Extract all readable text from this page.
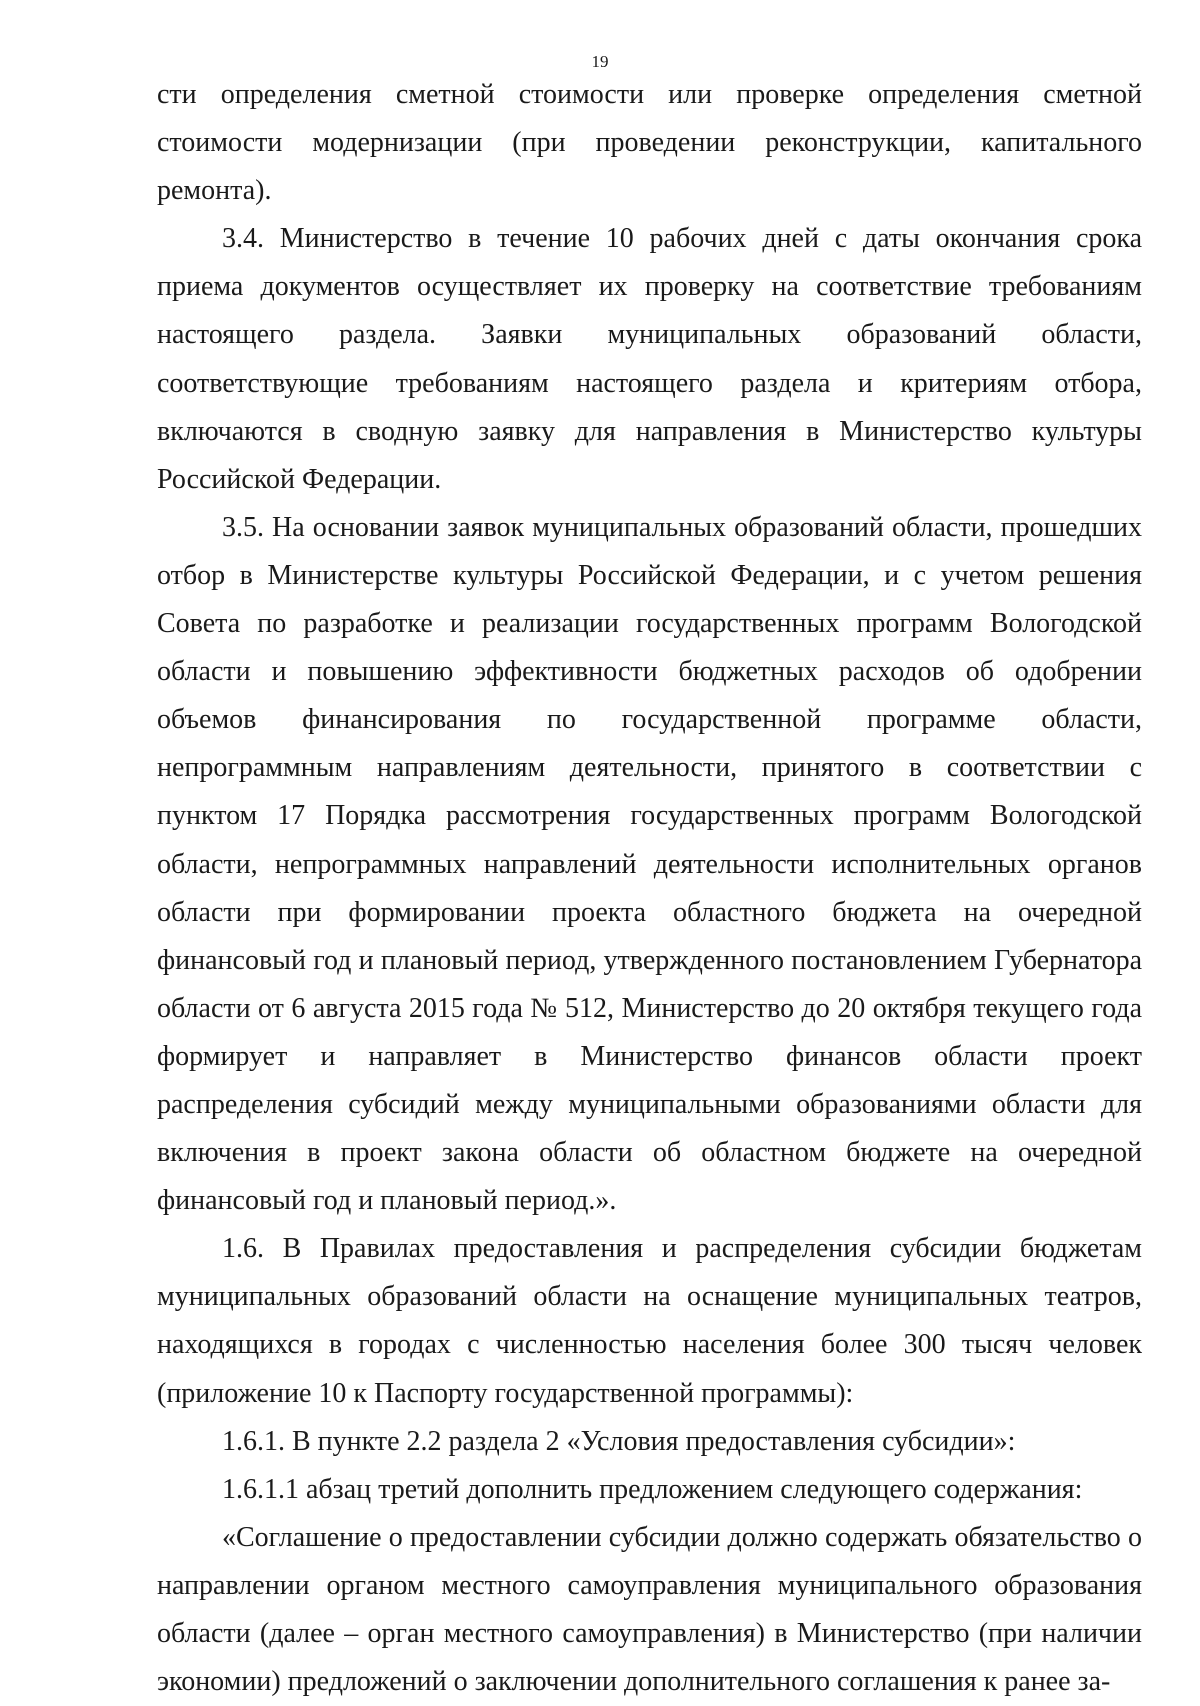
19

сти определения сметной стоимости или проверке определения сметной стоимости модернизации (при проведении реконструкции, капитального ремонта).

3.4. Министерство в течение 10 рабочих дней с даты окончания срока приема документов осуществляет их проверку на соответствие требованиям настоящего раздела. Заявки муниципальных образований области, соответствующие требованиям настоящего раздела и критериям отбора, включаются в сводную заявку для направления в Министерство культуры Российской Федерации.

3.5. На основании заявок муниципальных образований области, прошедших отбор в Министерстве культуры Российской Федерации, и с учетом решения Совета по разработке и реализации государственных программ Вологодской области и повышению эффективности бюджетных расходов об одобрении объемов финансирования по государственной программе области, непрограммным направлениям деятельности, принятого в соответствии с пунктом 17 Порядка рассмотрения государственных программ Вологодской области, непрограммных направлений деятельности исполнительных органов области при формировании проекта областного бюджета на очередной финансовый год и плановый период, утвержденного постановлением Губернатора области от 6 августа 2015 года № 512, Министерство до 20 октября текущего года формирует и направляет в Министерство финансов области проект распределения субсидий между муниципальными образованиями области для включения в проект закона области об областном бюджете на очередной финансовый год и плановый период.».

1.6. В Правилах предоставления и распределения субсидии бюджетам муниципальных образований области на оснащение муниципальных театров, находящихся в городах с численностью населения более 300 тысяч человек (приложение 10 к Паспорту государственной программы):

1.6.1. В пункте 2.2 раздела 2 «Условия предоставления субсидии»:

1.6.1.1 абзац третий дополнить предложением следующего содержания:

«Соглашение о предоставлении субсидии должно содержать обязательство о направлении органом местного самоуправления муниципального образования области (далее – орган местного самоуправления) в Министерство (при наличии экономии) предложений о заключении дополнительного соглашения к ранее за-
